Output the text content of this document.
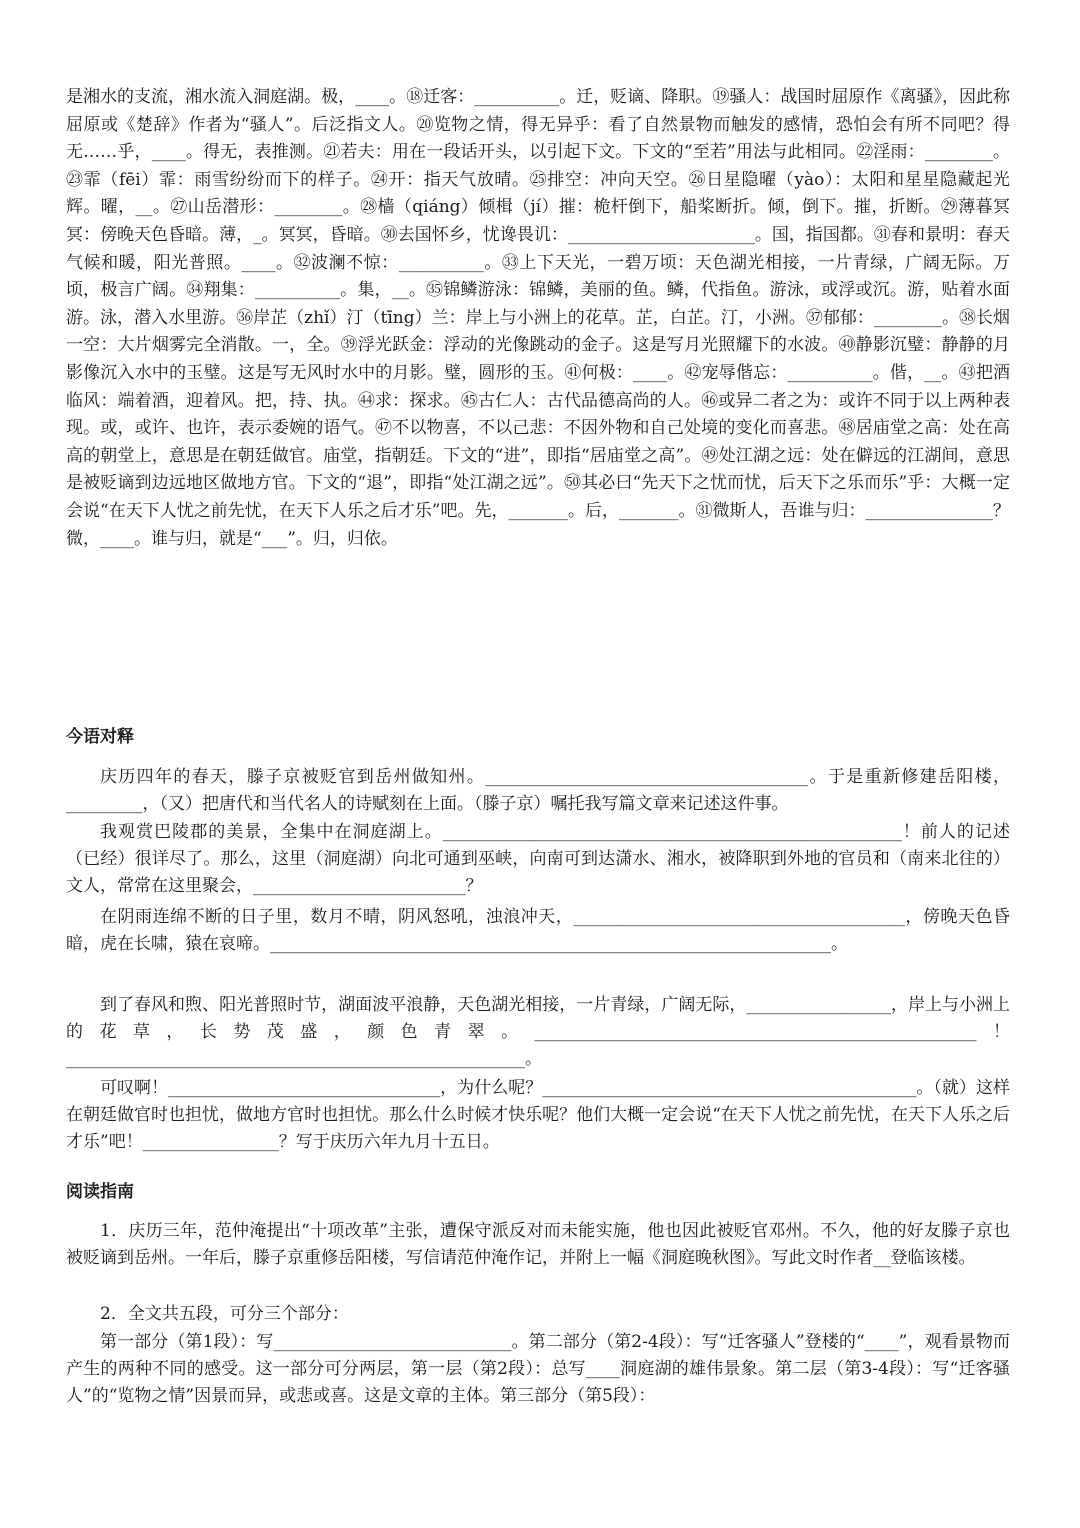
是湘水的支流，湘水流入洞庭湖。极，____。⑱迁客：__________。迁，贬谪、降职。⑲骚人：战国时屈原作《离骚》，因此称屈原或《楚辞》作者为“骚人”。后泛指文人。⑳览物之情，得无异乎：看了自然景物而触发的感情，恐怕会有所不同吧？得无……乎，____。得无，表推测。㉑若夫：用在一段话开头，以引起下文。下文的“至若”用法与此相同。㉒淫雨：________。㉓霏（fēi）霏：雨雪纷纷而下的样子。㉔开：指天气放晴。㉕排空：冲向天空。㉖日星隐曜（yào）：太阳和星星隐藏起光辉。曜，__。㉗山岳潜形：________。㉘樯（qiáng）倾楫（jí）摧：桅杆倒下，船桨断折。倾，倒下。摧，折断。㉙薄暮冥冥：傍晚天色昏暗。薄，_。冥冥，昏暗。㉚去国怀乡，忧谗畏讥：______________________。国，指国都。㉛春和景明：春天气候和暖，阳光普照。____。㉜波澜不惊：__________。㉝上下天光，一碧万顷：天色湖光相接，一片青绿，广阔无际。万顷，极言广阔。㉞翔集：__________。集，__。㉟锦鳞游泳：锦鳞，美丽的鱼。鳞，代指鱼。游泳，或浮或沉。游，贴着水面游。泳，潜入水里游。㊱岸芷（zhǐ）汀（tīng）兰：岸上与小洲上的花草。芷，白芷。汀，小洲。㊲郁郁：________。㊳长烟一空：大片烟雾完全消散。一，全。㊴浮光跃金：浮动的光像跳动的金子。这是写月光照耀下的水波。㊵静影沉璧：静静的月影像沉入水中的玉璧。这是写无风时水中的月影。璧，圆形的玉。㊶何极：____。㊷宠辱偕忘：__________。偕，__。㊸把酒临风：端着酒，迎着风。把，持、执。㊹求：探求。㊺古仁人：古代品德高尚的人。㊻或异二者之为：或许不同于以上两种表现。或，或许、也许，表示委婉的语气。㊼不以物喜，不以己悲：不因外物和自己处境的变化而喜悲。㊽居庙堂之高：处在高高的朝堂上，意思是在朝廷做官。庙堂，指朝廷。下文的“进”，即指“居庙堂之高”。㊾处江湖之远：处在僻远的江湖间，意思是被贬谪到边远地区做地方官。下文的“退”，即指“处江湖之远”。㊿其必曰“先天下之忧而忧，后天下之乐而乐”乎：大概一定会说“在天下人忧之前先忧，在天下人乐之后才乐”吧。先，_______。后，_______。㉛微斯人，吾谁与归：_______________？微，____。谁与归，就是“___”。归，归依。

今语对释

庆历四年的春天，滕子京被贬官到岳州做知州。______________________________________。于是重新修建岳阳楼，_________，（又）把唐代和当代名人的诗赋刻在上面。（滕子京）嘱托我写篇文章来记述这件事。

我观赏巴陵郡的美景，全集中在洞庭湖上。______________________________________________________！前人的记述（已经）很详尽了。那么，这里（洞庭湖）向北可通到巫峡，向南可到达潇水、湘水，被降职到外地的官员和（南来北往的）文人，常常在这里聚会，_________________________？

在阴雨连绵不断的日子里，数月不晴，阴风怒吼，浊浪冲天，_______________________________________，傍晚天色昏暗，虎在长啸，猿在哀啼。__________________________________________________________________。

到了春风和煦、阳光普照时节，湖面波平浪静，天色湖光相接，一片青绿，广阔无际，_________________，岸上与小洲上的花草，长势茂盛，颜色青翠。____________________________________________________！______________________________________________________。

可叹啊！________________________________，为什么呢？____________________________________________。（就）这样在朝廷做官时也担忧，做地方官时也担忧。那么什么时候才快乐呢？他们大概一定会说“在天下人忧之前先忧，在天下人乐之后才乐”吧！________________？写于庆历六年九月十五日。

阅读指南

1．庆历三年，范仲淹提出“十项改革”主张，遭保守派反对而未能实施，他也因此被贬官邓州。不久，他的好友滕子京也被贬谪到岳州。一年后，滕子京重修岳阳楼，写信请范仲淹作记，并附上一幅《洞庭晚秋图》。写此文时作者__登临该楼。

2．全文共五段，可分三个部分：

第一部分（第1段）：写____________________________。第二部分（第2-4段）：写“迁客骚人”登楼的“____”，观看景物而产生的两种不同的感受。这一部分可分两层，第一层（第2段）：总写____洞庭湖的雄伟景象。第二层（第3-4段）：写“迁客骚人”的“览物之情”因景而异，或悲或喜。这是文章的主体。第三部分（第5段）：
